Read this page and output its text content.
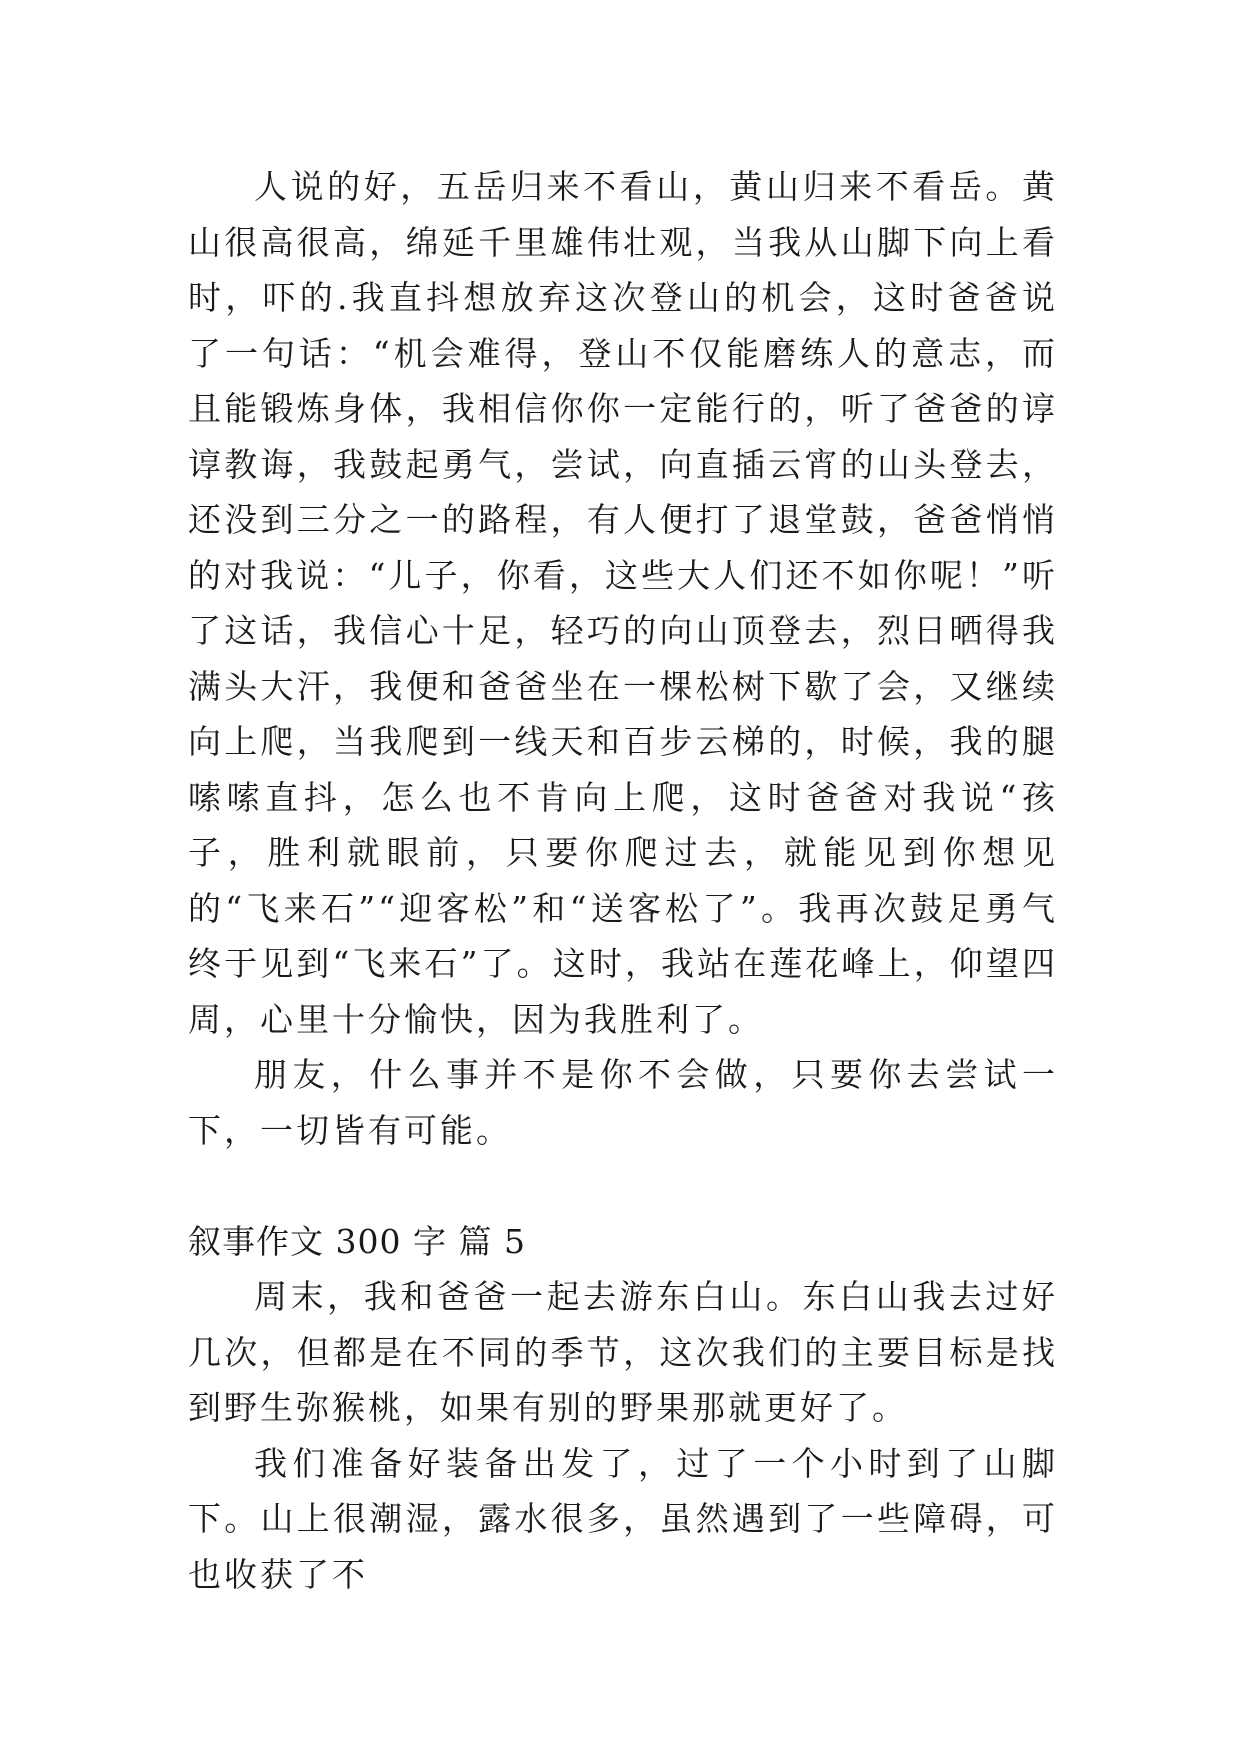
人说的好，五岳归来不看山，黄山归来不看岳。黄山很高很高，绵延千里雄伟壮观，当我从山脚下向上看时，吓的.我直抖想放弃这次登山的机会，这时爸爸说了一句话：“机会难得，登山不仅能磨练人的意志，而且能锻炼身体，我相信你你一定能行的，听了爸爸的谆谆教诲，我鼓起勇气，尝试，向直插云宵的山头登去，还没到三分之一的路程，有人便打了退堂鼓，爸爸悄悄的对我说：“儿子，你看，这些大人们还不如你呢！”听了这话，我信心十足，轻巧的向山顶登去，烈日晒得我满头大汗，我便和爸爸坐在一棵松树下歇了会，又继续向上爬，当我爬到一线天和百步云梯的，时候，我的腿嗦嗦直抖，怎么也不肯向上爬，这时爸爸对我说“孩子，胜利就眼前，只要你爬过去，就能见到你想见的“飞来石”“迎客松”和“送客松了”。我再次鼓足勇气终于见到“飞来石”了。这时，我站在莲花峰上，仰望四周，心里十分愉快，因为我胜利了。

朋友，什么事并不是你不会做，只要你去尝试一下，一切皆有可能。

叙事作文 300 字 篇 5

周末，我和爸爸一起去游东白山。东白山我去过好几次，但都是在不同的季节，这次我们的主要目标是找到野生弥猴桃，如果有别的野果那就更好了。

我们准备好装备出发了，过了一个小时到了山脚下。山上很潮湿，露水很多，虽然遇到了一些障碍，可也收获了不
